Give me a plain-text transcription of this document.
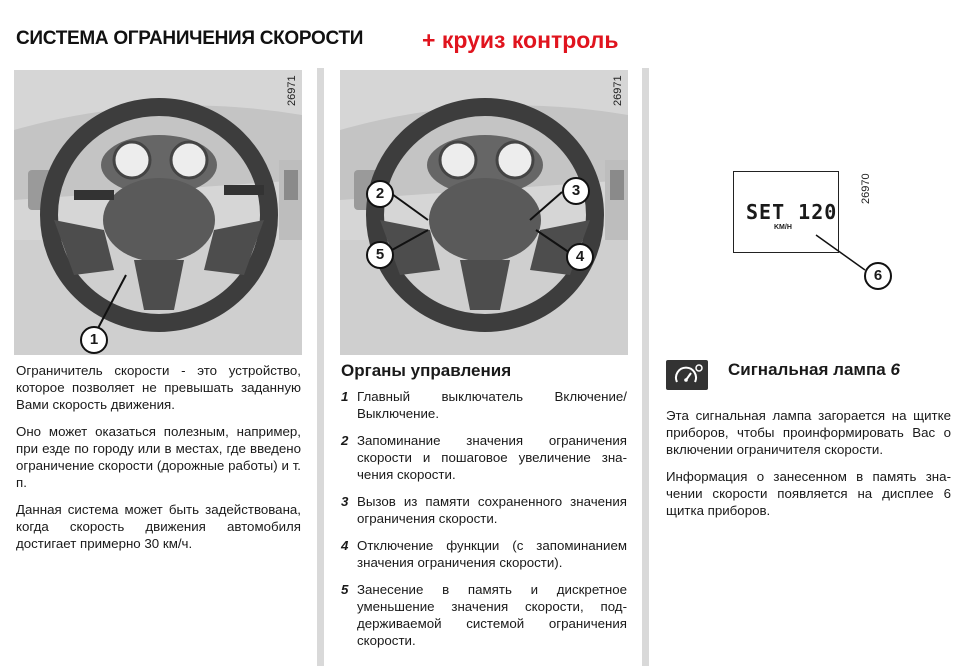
СИСТЕМА ОГРАНИЧЕНИЯ СКОРОСТИ	+ круиз контроль
26971
1
26971
2	3
5	4
SET 120
KM/H
26970
6

Ограничитель скорости - это устройство, которое позволяет не превышать заданную Вами скорость движения.

Оно может оказаться полезным, например, при езде по городу или в местах, где введено ограничение скорости (дорожные работы) и т. п.

Данная система может быть задействована, когда скорость движения автомобиля достигает примерно 30 км/ч.

Органы управления
1 Главный выключатель Включение/ Выключение.
2 Запоминание значения ограничения скорости и пошаговое увеличение значения скорости.
3 Вызов из памяти сохраненного значения ограничения скорости.
4 Отключение функции (с запоминанием значения ограничения скорости).
5 Занесение в память и дискретное уменьшение значения скорости, поддерживаемой системой ограничения скорости.
Сигнальная лампа 6

Эта сигнальная лампа загорается на щитке приборов, чтобы проинформировать Вас о включении ограничителя скорости.

Информация о занесенном в память значении скорости появляется на дисплее 6 щитка приборов.
